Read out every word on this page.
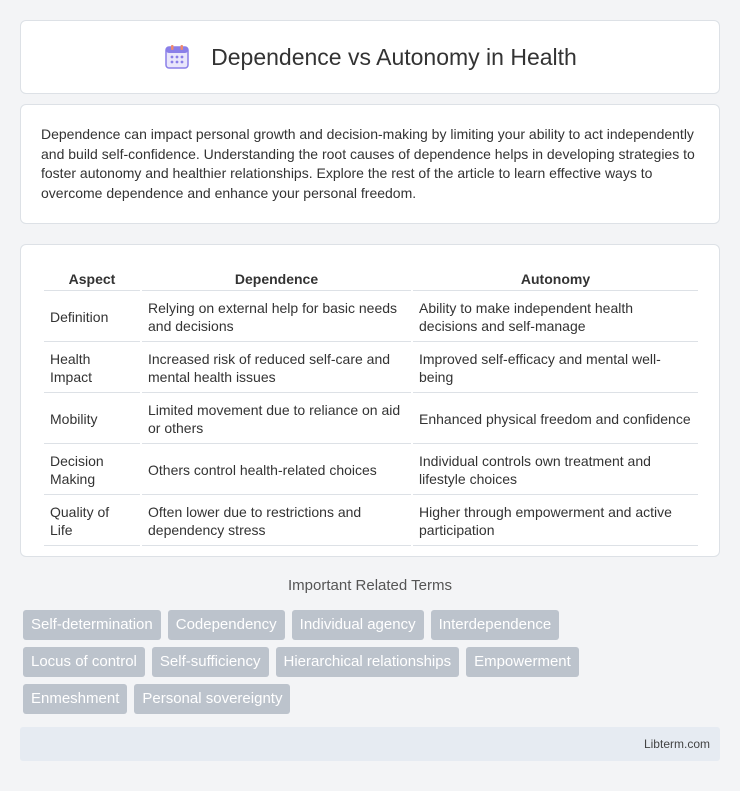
Dependence vs Autonomy in Health

Dependence can impact personal growth and decision-making by limiting your ability to act independently and build self-confidence. Understanding the root causes of dependence helps in developing strategies to foster autonomy and healthier relationships. Explore the rest of the article to learn effective ways to overcome dependence and enhance your personal freedom.

Aspect	Dependence	Autonomy
Definition	Relying on external help for basic needs and decisions	Ability to make independent health decisions and self-manage
Health Impact	Increased risk of reduced self-care and mental health issues	Improved self-efficacy and mental well-being
Mobility	Limited movement due to reliance on aid or others	Enhanced physical freedom and confidence
Decision Making	Others control health-related choices	Individual controls own treatment and lifestyle choices
Quality of Life	Often lower due to restrictions and dependency stress	Higher through empowerment and active participation
Important Related Terms
Self-determination	Codependency	Individual agency	Interdependence
Locus of control	Self-sufficiency	Hierarchical relationships	Empowerment
Enmeshment	Personal sovereignty
Libterm.com
